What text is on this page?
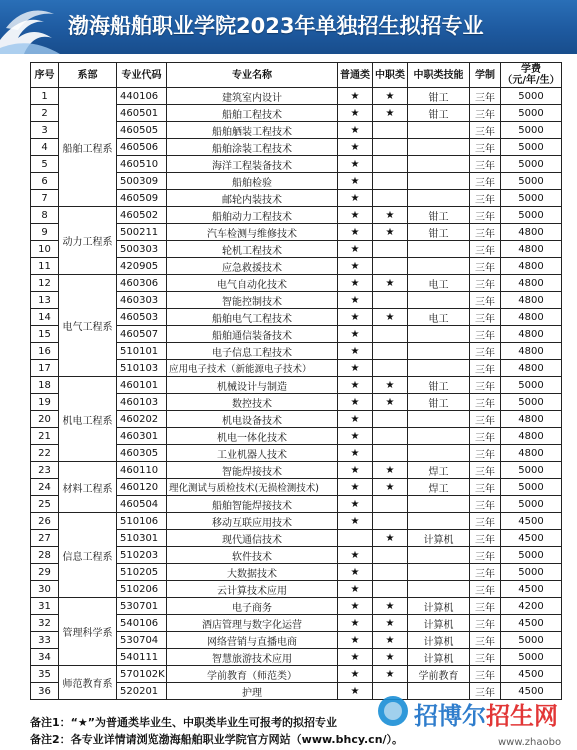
渤海船舶职业学院2023年单独招生拟招专业
序号	系部	专业代码	专业名称	普通类	中职类	中职类技能	学制	学费
（元/年/生）

1	船舶工程系	440106	建筑室内设计	★	★	钳工	三年	5000
2		460501	船舶工程技术	★	★	钳工	三年	5000
3		460505	船舶舾装工程技术	★			三年	5000
4		460506	船舶涂装工程技术	★			三年	5000
5		460510	海洋工程装备技术	★			三年	5000
6		500309	船舶检验	★			三年	5000
7		460509	邮轮内装技术	★			三年	5000
8	动力工程系	460502	船舶动力工程技术	★	★	钳工	三年	5000
9		500211	汽车检测与维修技术	★	★	钳工	三年	4800
10		500303	轮机工程技术	★			三年	4800
11		420905	应急救援技术	★			三年	4800
12	电气工程系	460306	电气自动化技术	★	★	电工	三年	4800
13		460303	智能控制技术	★			三年	4800
14		460503	船舶电气工程技术	★	★	电工	三年	4800
15		460507	船舶通信装备技术	★			三年	4800
16		510101	电子信息工程技术	★			三年	4800
17		510103	应用电子技术（新能源电子技术）	★			三年	4800
18	机电工程系	460101	机械设计与制造	★	★	钳工	三年	5000
19		460103	数控技术	★	★	钳工	三年	5000
20		460202	机电设备技术	★			三年	4800
21		460301	机电一体化技术	★			三年	4800
22		460305	工业机器人技术	★			三年	4800
23	材料工程系	460110	智能焊接技术	★	★	焊工	三年	5000
24		460120	理化测试与质检技术(无损检测技术)	★	★	焊工	三年	5000
25		460504	船舶智能焊接技术	★			三年	5000
26	信息工程系	510106	移动互联应用技术	★			三年	4500
27		510301	现代通信技术		★	计算机	三年	4500
28		510203	软件技术	★			三年	5000
29		510205	大数据技术	★			三年	5000
30		510206	云计算技术应用	★			三年	4500
31	管理科学系	530701	电子商务	★	★	计算机	三年	4200
32		540106	酒店管理与数字化运营	★	★	计算机	三年	4500
33		530704	网络营销与直播电商	★	★	计算机	三年	5000
34		540111	智慧旅游技术应用	★	★	计算机	三年	5000
35	师范教育系	570102K	学前教育（师范类）	★	★	学前教育	三年	4500
36		520201	护理	★			三年	4500
备注1：“★”为普通类毕业生、中职类毕业生可报考的拟招专业
备注2：各专业详情请浏览渤海船舶职业学院官方网站（www.bhcy.cn/）。
招博尔招生网
www.zhaobo
